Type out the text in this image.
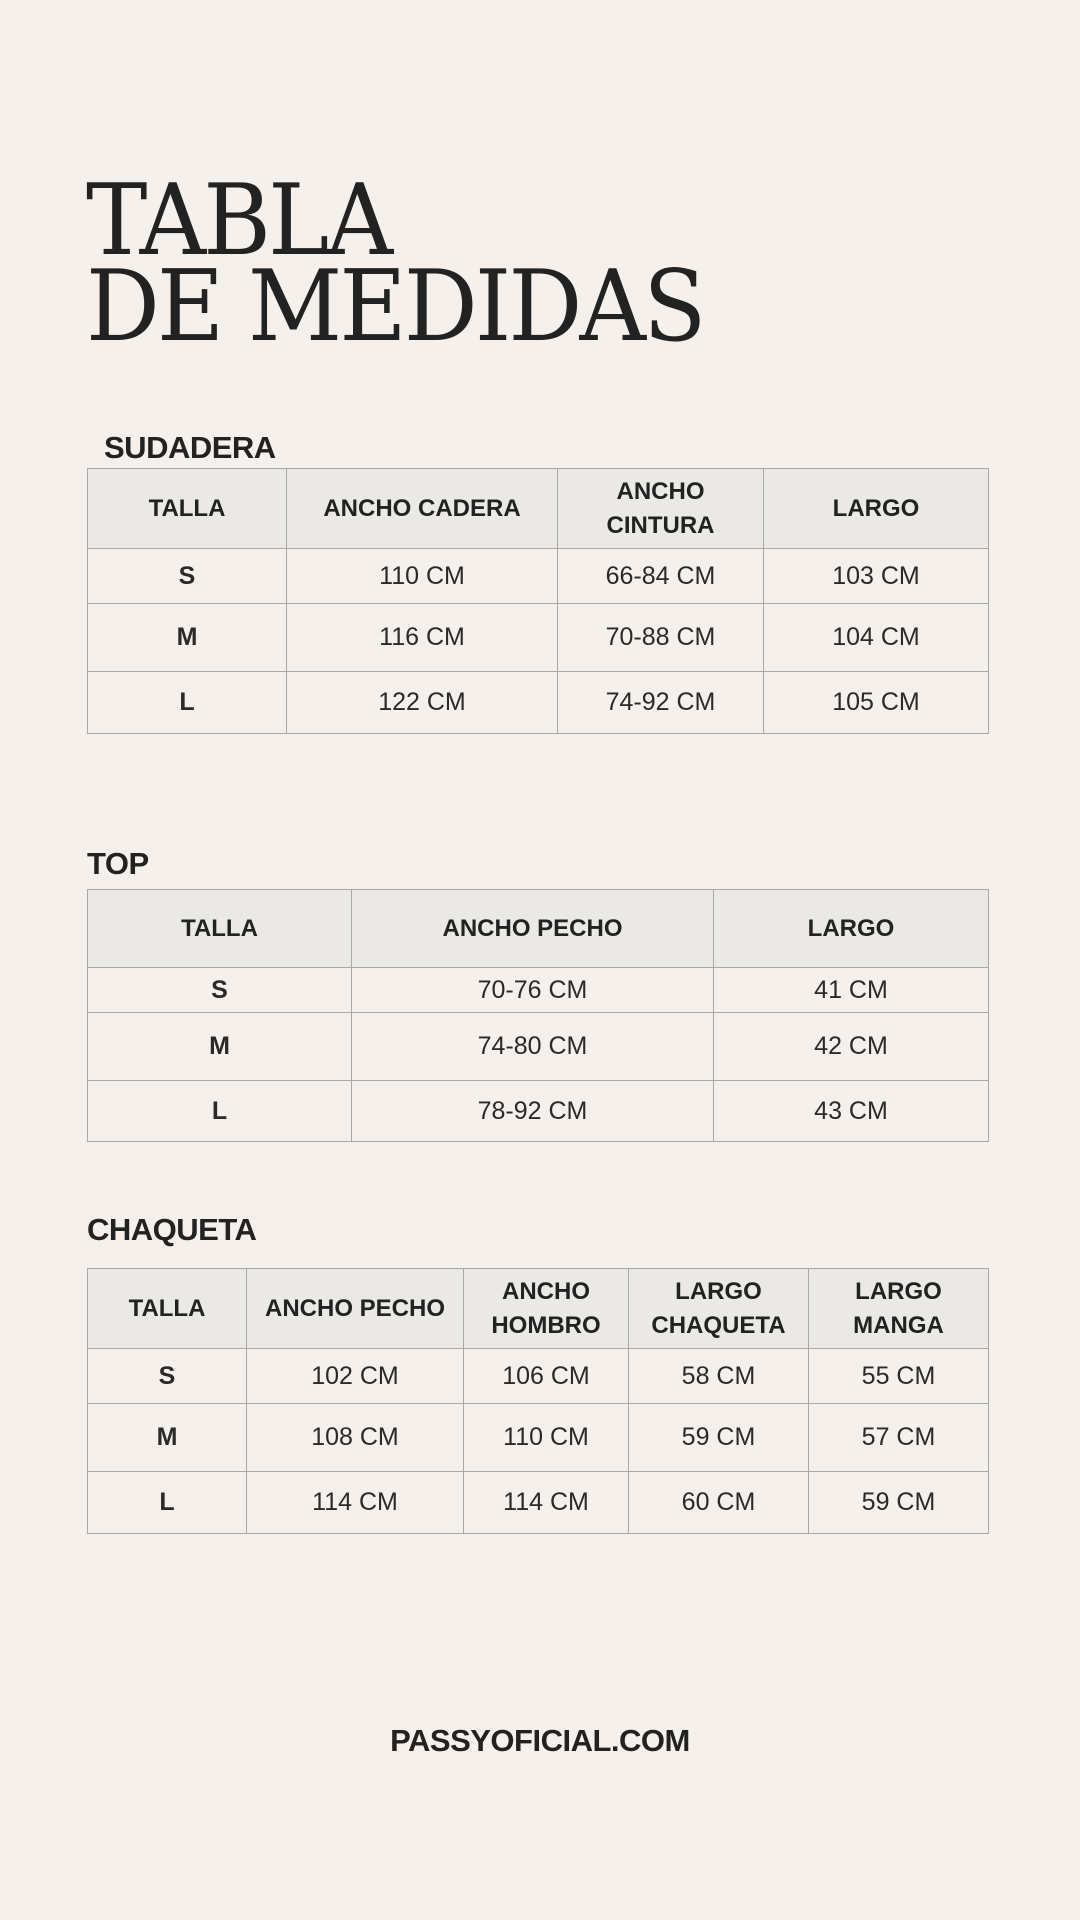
TABLA
DE MEDIDAS
SUDADERA
TALLA	ANCHO CADERA	ANCHO CINTURA	LARGO
S	110 CM	66-84 CM	103 CM
M	116 CM	70-88 CM	104 CM
L	122 CM	74-92 CM	105 CM
TOP
TALLA	ANCHO PECHO	LARGO
S	70-76 CM	41 CM
M	74-80 CM	42 CM
L	78-92 CM	43 CM
CHAQUETA
TALLA	ANCHO PECHO	ANCHO HOMBRO	LARGO CHAQUETA	LARGO MANGA
S	102 CM	106 CM	58 CM	55 CM
M	108 CM	110 CM	59 CM	57 CM
L	114 CM	114 CM	60 CM	59 CM
PASSYOFICIAL.COM
